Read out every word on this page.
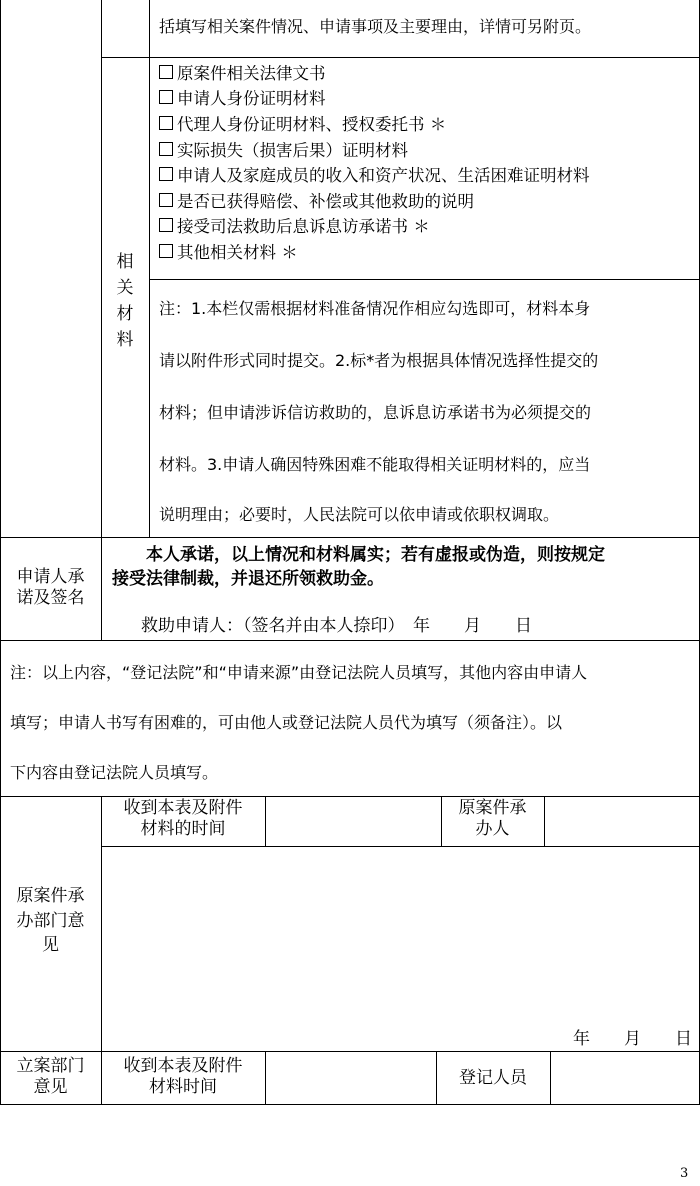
括填写相关案件情况、申请事项及主要理由，详情可另附页。
相
关
材
料
原案件相关法律文书
申请人身份证明材料
代理人身份证明材料、授权委托书 ＊
实际损失（损害后果）证明材料
申请人及家庭成员的收入和资产状况、生活困难证明材料
是否已获得赔偿、补偿或其他救助的说明
接受司法救助后息诉息访承诺书 ＊
其他相关材料 ＊
注：1.本栏仅需根据材料准备情况作相应勾选即可，材料本身
请以附件形式同时提交。2.标*者为根据具体情况选择性提交的
材料；但申请涉诉信访救助的，息诉息访承诺书为必须提交的
材料。3.申请人确因特殊困难不能取得相关证明材料的，应当
说明理由；必要时，人民法院可以依申请或依职权调取。
申请人承
诺及签名
本人承诺，以上情况和材料属实；若有虚报或伪造，则按规定
接受法律制裁，并退还所领救助金。
救助申请人：（签名并由本人捺印）　年　　月　　日
注：以上内容，“登记法院”和“申请来源”由登记法院人员填写，其他内容由申请人
填写；申请人书写有困难的，可由他人或登记法院人员代为填写（须备注）。以
下内容由登记法院人员填写。
原案件承
办部门意
见
收到本表及附件
材料的时间
原案件承
办人
年　　月　　日
立案部门
意见
收到本表及附件
材料时间	登记人员
3
